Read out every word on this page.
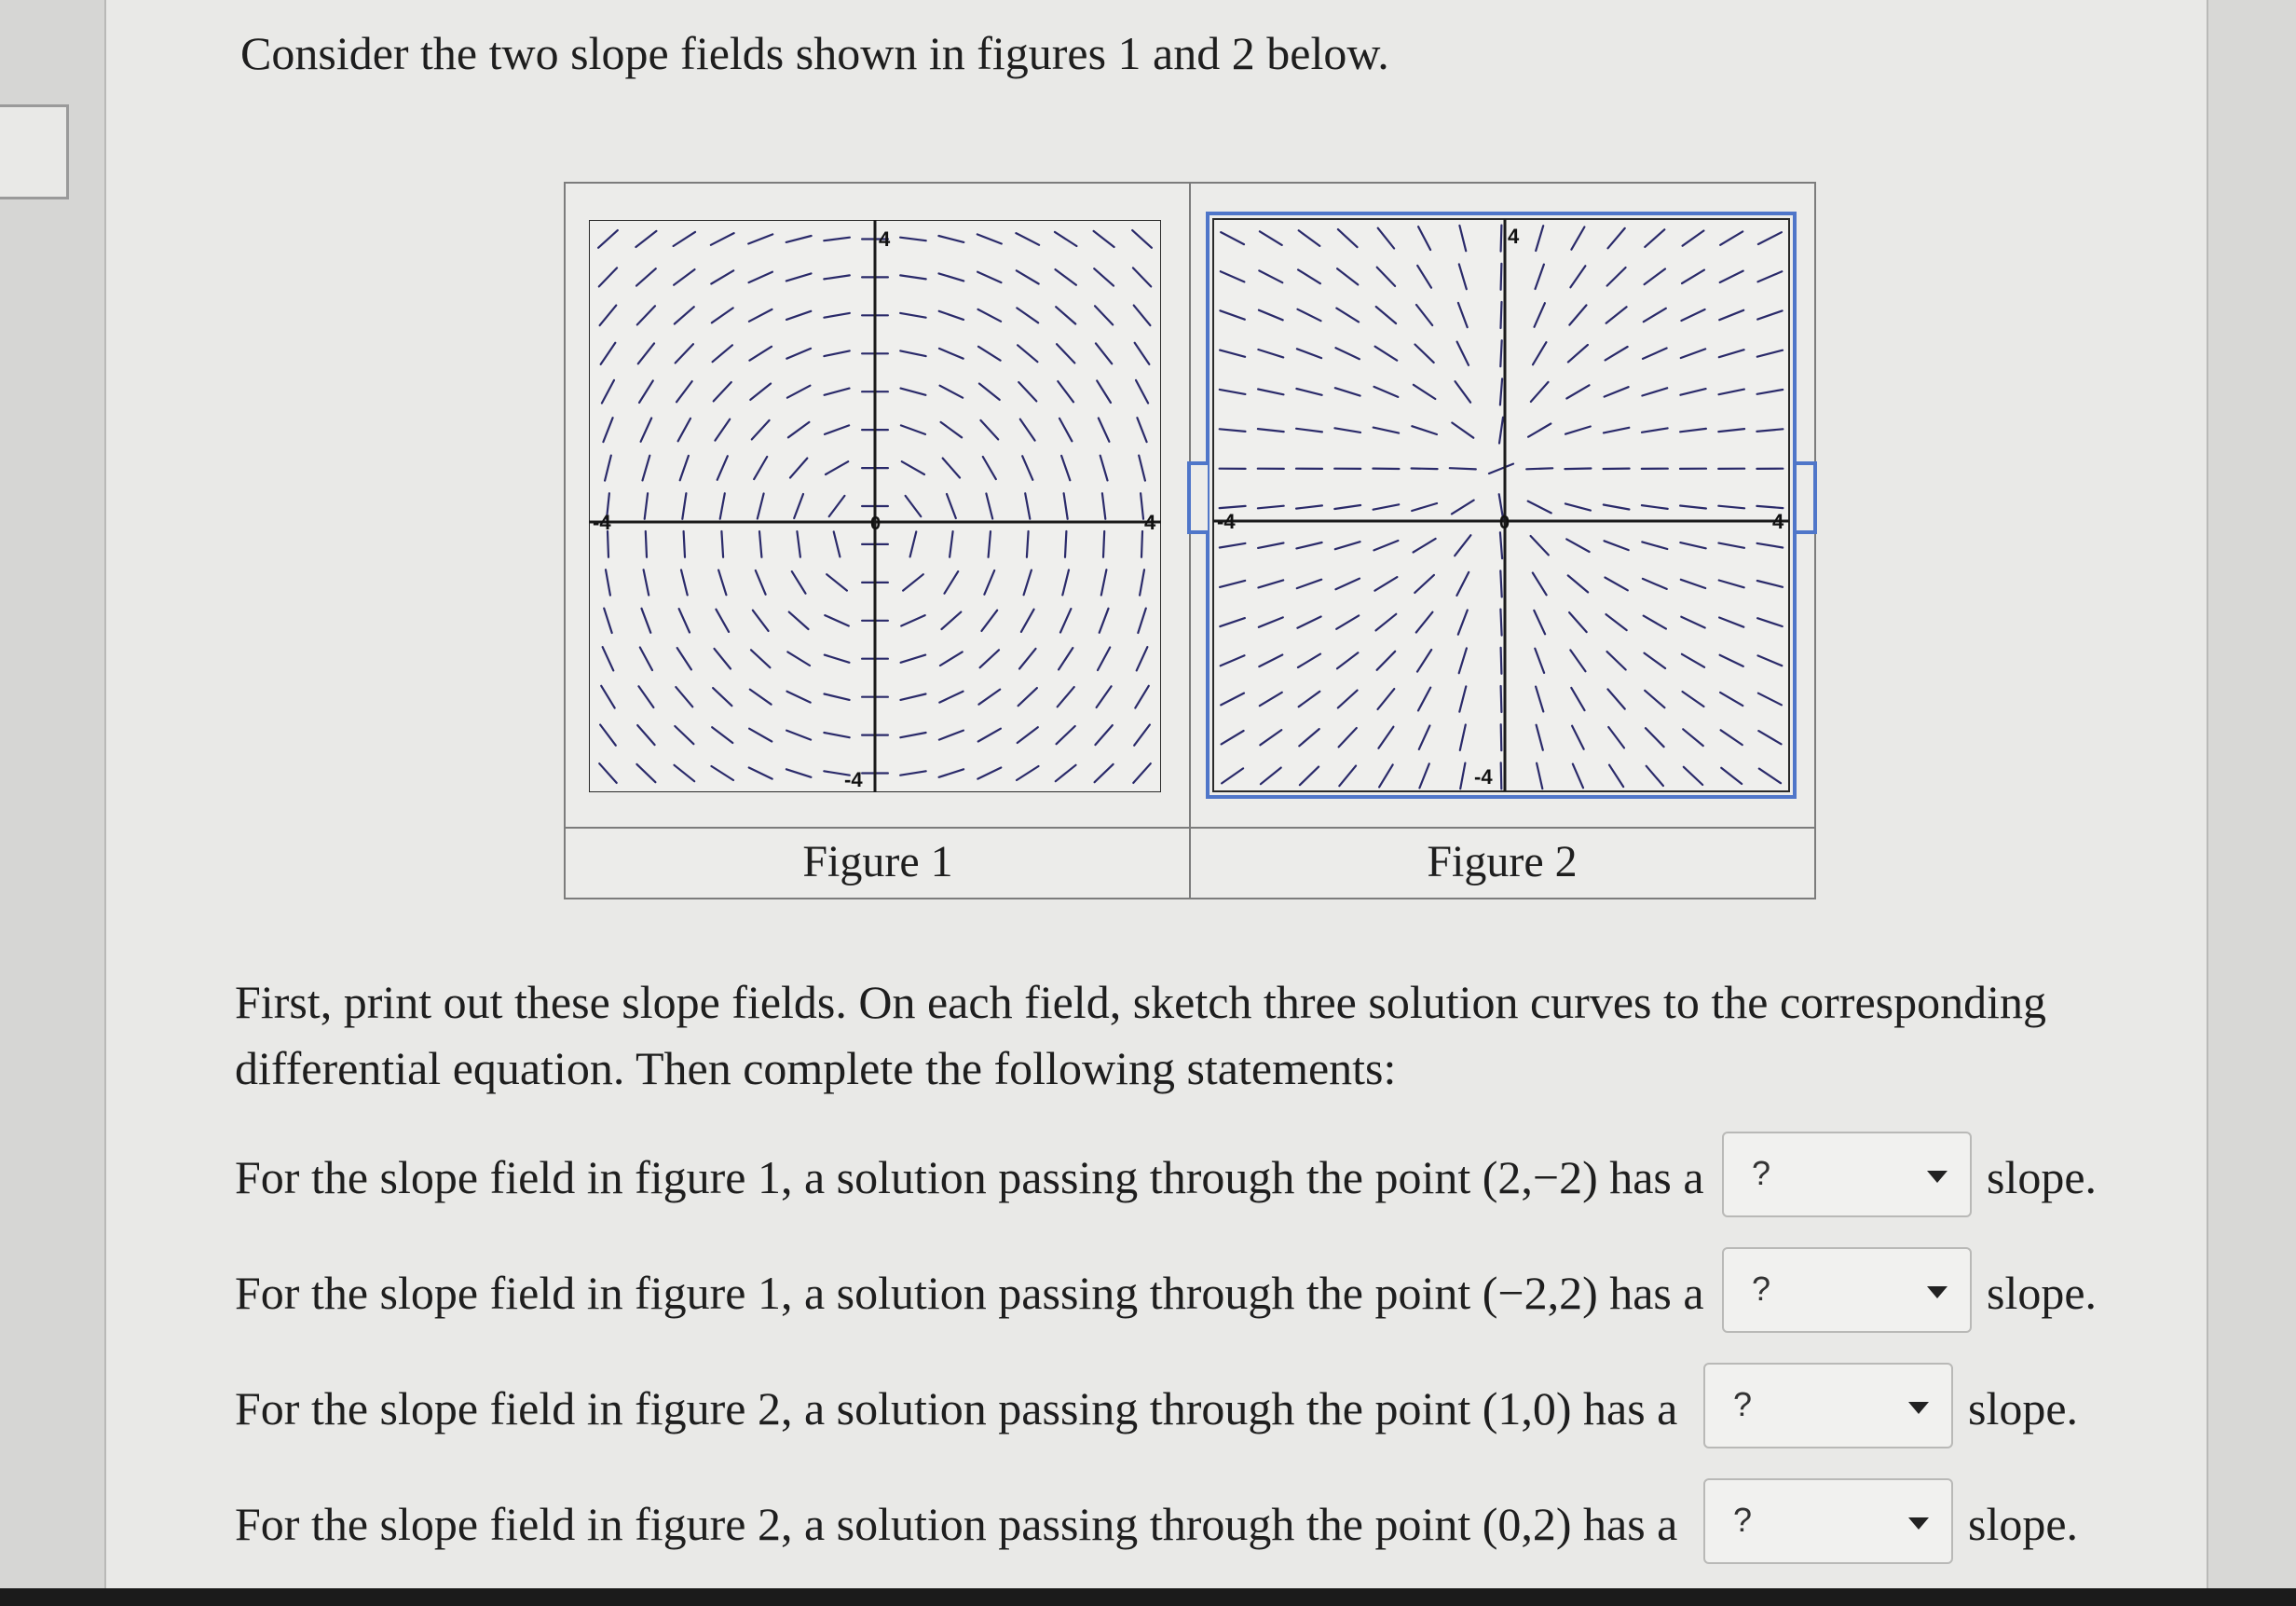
Consider the two slope fields shown in figures 1 and 2 below.

Figure 1	Figure 2
4
-4	4
-4
0
4
-4	4
-4
0

First, print out these slope fields. On each field, sketch three solution curves to the corresponding differential equation. Then complete the following statements:

For the slope field in figure 1, a solution passing through the point (2,−2) has a ?	slope.
For the slope field in figure 1, a solution passing through the point (−2,2) has a ?	slope.
For the slope field in figure 2, a solution passing through the point (1,0) has a ?	slope.
For the slope field in figure 2, a solution passing through the point (0,2) has a ?	slope.
